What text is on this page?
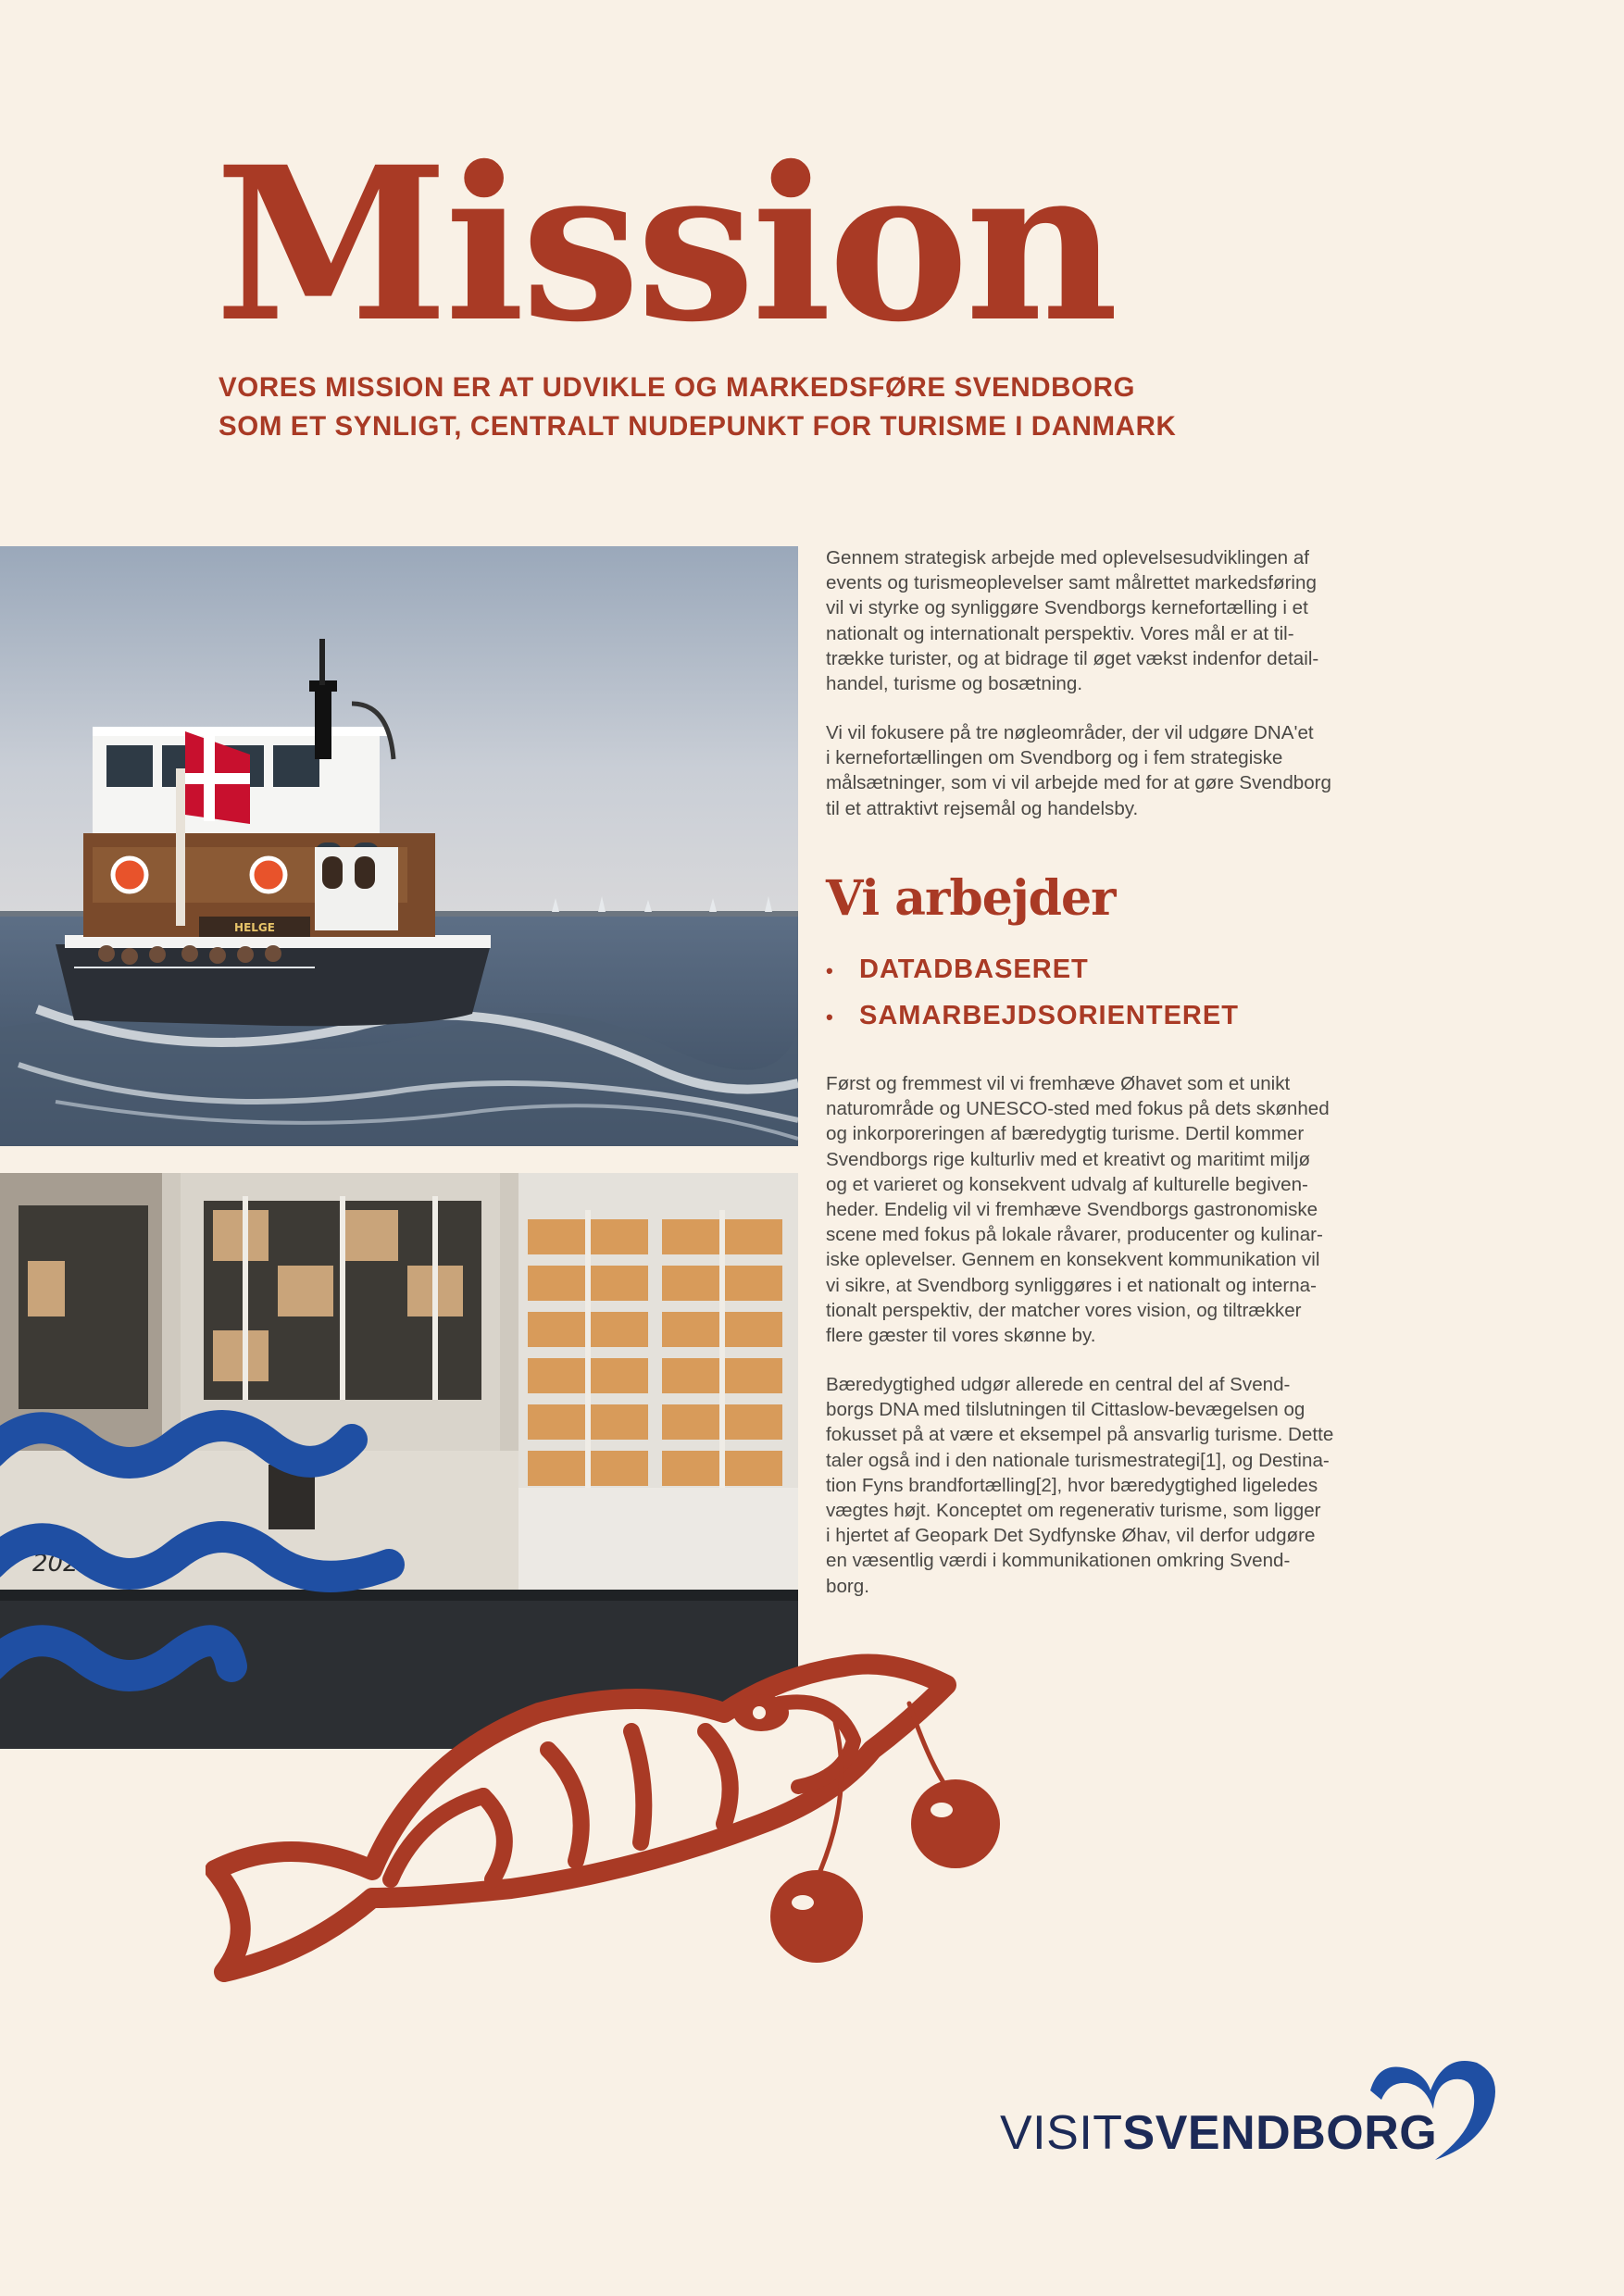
Mission
VORES MISSION ER AT UDVIKLE OG MARKEDSFØRE SVENDBORG
SOM ET SYNLIGT, CENTRALT NUDEPUNKT FOR TURISME I DANMARK
HELGE
2020
Gennem strategisk arbejde med oplevelsesudviklingen af
events og turismeoplevelser samt målrettet markedsføring
vil vi styrke og synliggøre Svendborgs kernefortælling i et
nationalt og internationalt perspektiv. Vores mål er at til-
trække turister, og at bidrage til øget vækst indenfor detail-
handel, turisme og bosætning.
Vi vil fokusere på tre nøgleområder, der vil udgøre DNA'et
i kernefortællingen om Svendborg og i fem strategiske
målsætninger, som vi vil arbejde med for at gøre Svendborg
til et attraktivt rejsemål og handelsby.
Vi arbejder
• DATADBASERET
• SAMARBEJDSORIENTERET
Først og fremmest vil vi fremhæve Øhavet som et unikt
naturområde og UNESCO-sted med fokus på dets skønhed
og inkorporeringen af bæredygtig turisme. Dertil kommer
Svendborgs rige kulturliv med et kreativt og maritimt miljø
og et varieret og konsekvent udvalg af kulturelle begiven-
heder. Endelig vil vi fremhæve Svendborgs gastronomiske
scene med fokus på lokale råvarer, producenter og kulinar-
iske oplevelser. Gennem en konsekvent kommunikation vil
vi sikre, at Svendborg synliggøres i et nationalt og interna-
tionalt perspektiv, der matcher vores vision, og tiltrækker
flere gæster til vores skønne by.
Bæredygtighed udgør allerede en central del af Svend-
borgs DNA med tilslutningen til Cittaslow-bevægelsen og
fokusset på at være et eksempel på ansvarlig turisme. Dette
taler også ind i den nationale turismestrategi[1], og Destina-
tion Fyns brandfortælling[2], hvor bæredygtighed ligeledes
vægtes højt. Konceptet om regenerativ turisme, som ligger
i hjertet af Geopark Det Sydfynske Øhav, vil derfor udgøre
en væsentlig værdi i kommunikationen omkring Svend-
borg.
VISITSVENDBORG
